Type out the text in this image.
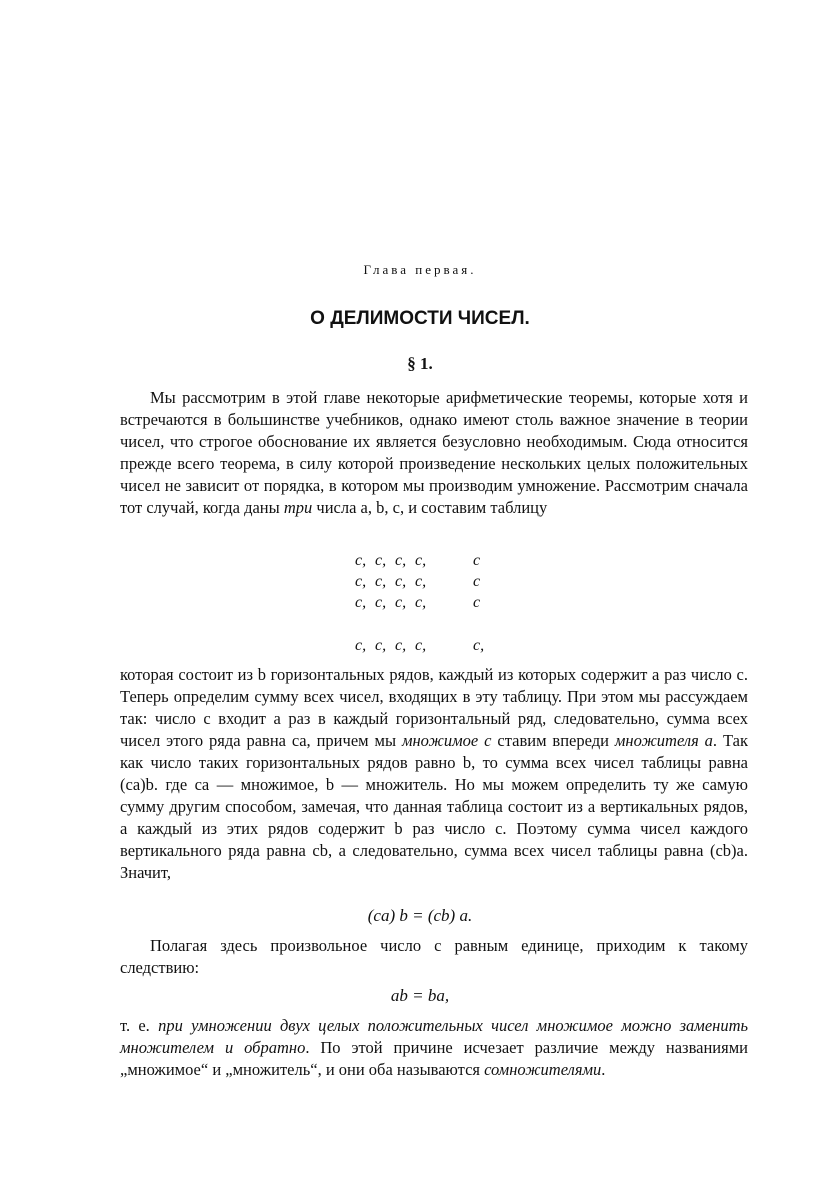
Глава первая.
О ДЕЛИМОСТИ ЧИСЕЛ.
§ 1.

Мы рассмотрим в этой главе некоторые арифметические теоремы, которые хотя и встречаются в большинстве учебников, однако имеют столь важное значение в теории чисел, что строгое обоснование их является безусловно необходимым. Сюда относится прежде всего теорема, в силу которой произведение нескольких целых положительных чисел не зависит от порядка, в котором мы производим умножение. Рассмотрим сначала тот случай, когда даны три числа a, b, c, и составим таблицу

c, c, c, c,	c
c, c, c, c,	c
c, c, c, c,	c
c, c, c, c,	c,

которая состоит из b горизонтальных рядов, каждый из которых содержит a раз число c. Теперь определим сумму всех чисел, входящих в эту таблицу. При этом мы рассуждаем так: число c входит a раз в каждый горизонтальный ряд, следовательно, сумма всех чисел этого ряда равна ca, причем мы множимое c ставим впереди множителя a. Так как число таких горизонтальных рядов равно b, то сумма всех чисел таблицы равна (ca)b. где ca — множимое, b — множитель. Но мы можем определить ту же самую сумму другим способом, замечая, что данная таблица состоит из a вертикальных рядов, а каждый из этих рядов содержит b раз число c. Поэтому сумма чисел каждого вертикального ряда равна cb, а следовательно, сумма всех чисел таблицы равна (cb)a. Значит,

(ca) b = (cb) a.

Полагая здесь произвольное число c равным единице, приходим к такому следствию:

ab = ba,

т. е. при умножении двух целых положительных чисел множимое можно заменить множителем и обратно. По этой причине исчезает различие между названиями „множимое“ и „множитель“, и они оба называются сомножителями.
